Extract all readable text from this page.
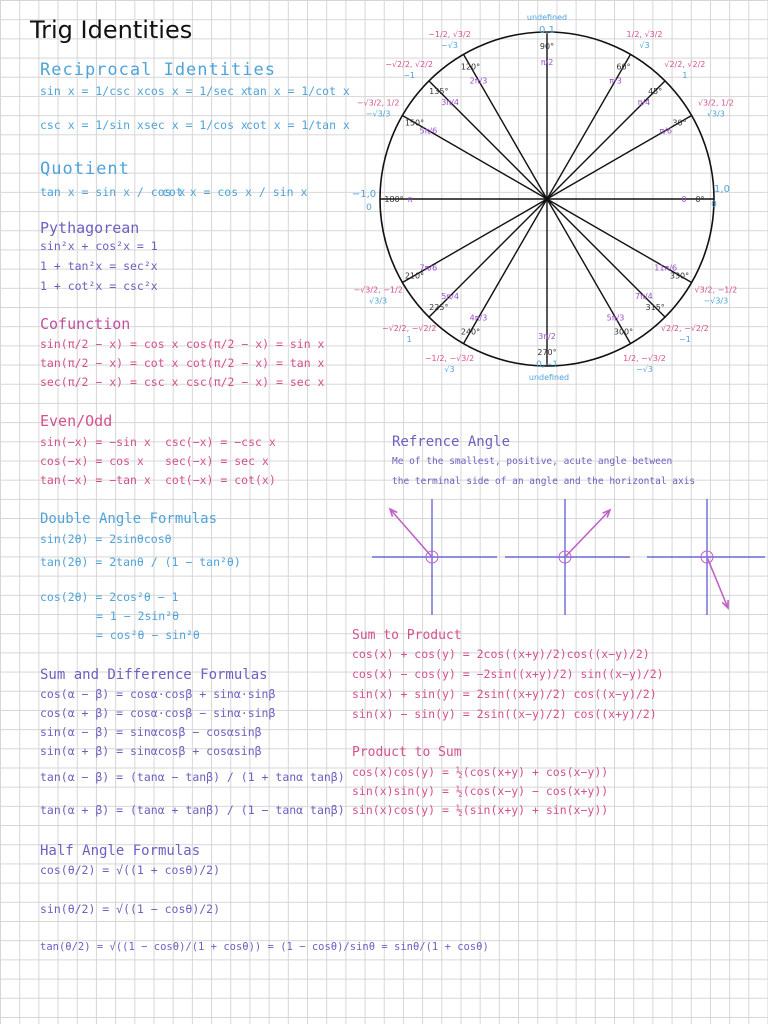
Trig Identities
Reciprocal Identities
sin x = 1/csc x cos x = 1/sec x
tan x = 1/cot x
csc x = 1/sin x sec x = 1/cos x
cot x = 1/tan x
Quotient
tan x = sin x / cos x
cot x = cos x / sin x
Pythagorean
sin²x + cos²x = 1
1 + tan²x = sec²x
1 + cot²x = csc²x
Cofunction
sin(π/2 − x) = cos x
tan(π/2 − x) = cot x
sec(π/2 − x) = csc x
cos(π/2 − x) = sin x
cot(π/2 − x) = tan x
csc(π/2 − x) = sec x
Even/Odd
sin(−x) = −sin x
cos(−x) = cos x
tan(−x) = −tan x
csc(−x) = −csc x
sec(−x) = sec x
cot(−x) = cot(x)
Double Angle Formulas
sin(2θ) = 2sinθcosθ
tan(2θ) = 2tanθ / (1 − tan²θ)
cos(2θ) = 2cos²θ − 1
= 1 − 2sin²θ
= cos²θ − sin²θ
Sum and Difference Formulas
cos(α − β) = cosα·cosβ + sinα·sinβ
cos(α + β) = cosα·cosβ − sinα·sinβ
sin(α − β) = sinαcosβ − cosαsinβ
sin(α + β) = sinαcosβ + cosαsinβ
tan(α − β) = (tanα − tanβ) / (1 + tanα tanβ)
tan(α + β) = (tanα + tanβ) / (1 − tanα tanβ)
Half Angle Formulas
cos(θ/2) = √((1 + cosθ)/2)
sin(θ/2) = √((1 − cosθ)/2)
tan(θ/2) = √((1 − cosθ)/(1 + cosθ)) = (1 − cosθ)/sinθ = sinθ/(1 + cosθ)
30°
π/6
√3/2, 1/2
√3/3
45°
π/4
√2/2, √2/2
1
60°
π/3
1/2, √3/2
√3
90°
π/2
120°
2π/3
−1/2, √3/2
−√3
135°
3π/4
−√2/2, √2/2
−1
150°
5π/6
−√3/2, 1/2
−√3/3
180° π
210°
7π/6
−√3/2, −1/2
√3/3
225°
5π/4
−√2/2, −√2/2
1
240°
4π/3
−1/2, −√3/2
√3
270°
3π/2	300°
5π/3
1/2, −√3/2
−√3
315°
7π/4
√2/2, −√2/2
−1
330°
11π/6
√3/2, −1/2
−√3/3
0°
0
0,1
undefined
0,−1
undefined
1,0
0
−1,0
0
Refrence Angle
Me of the smallest, positive, acute angle between
the terminal side of an angle and the horizontal axis
Sum to Product
cos(x) + cos(y) = 2cos((x+y)/2)cos((x−y)/2)
cos(x) − cos(y) = −2sin((x+y)/2) sin((x−y)/2)
sin(x) + sin(y) = 2sin((x+y)/2) cos((x−y)/2)
sin(x) − sin(y) = 2sin((x−y)/2) cos((x+y)/2)
Product to Sum
cos(x)cos(y) = ½(cos(x+y) + cos(x−y))
sin(x)sin(y) = ½(cos(x−y) − cos(x+y))
sin(x)cos(y) = ½(sin(x+y) + sin(x−y))
